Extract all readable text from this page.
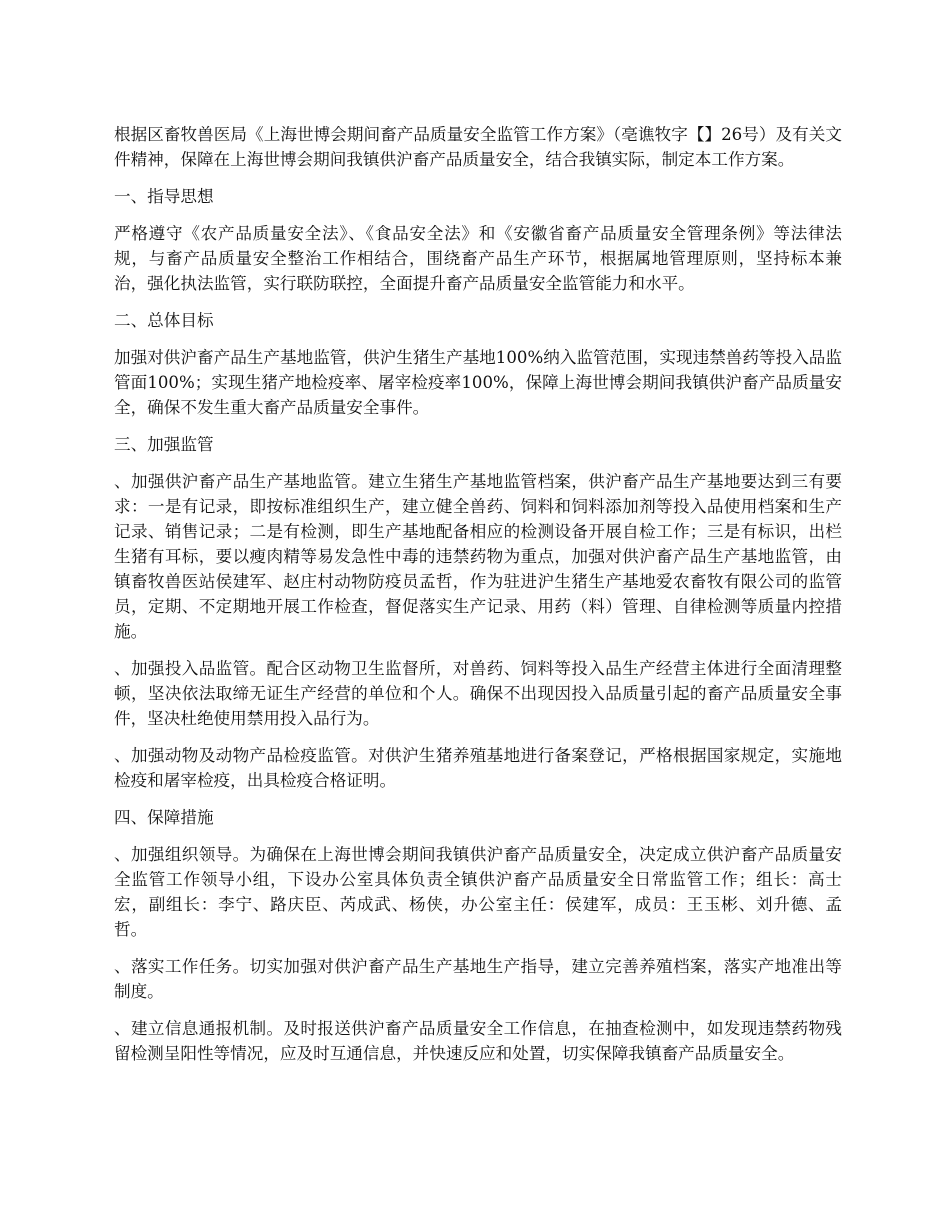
根据区畜牧兽医局《上海世博会期间畜产品质量安全监管工作方案》（亳谯牧字【】26号）及有关文件精神，保障在上海世博会期间我镇供沪畜产品质量安全，结合我镇实际，制定本工作方案。

一、指导思想

严格遵守《农产品质量安全法》、《食品安全法》和《安徽省畜产品质量安全管理条例》等法律法规，与畜产品质量安全整治工作相结合，围绕畜产品生产环节，根据属地管理原则，坚持标本兼治，强化执法监管，实行联防联控，全面提升畜产品质量安全监管能力和水平。

二、总体目标

加强对供沪畜产品生产基地监管，供沪生猪生产基地100%纳入监管范围，实现违禁兽药等投入品监管面100%；实现生猪产地检疫率、屠宰检疫率100%，保障上海世博会期间我镇供沪畜产品质量安全，确保不发生重大畜产品质量安全事件。

三、加强监管

、加强供沪畜产品生产基地监管。建立生猪生产基地监管档案，供沪畜产品生产基地要达到三有要求：一是有记录，即按标准组织生产，建立健全兽药、饲料和饲料添加剂等投入品使用档案和生产记录、销售记录；二是有检测，即生产基地配备相应的检测设备开展自检工作；三是有标识，出栏生猪有耳标，要以瘦肉精等易发急性中毒的违禁药物为重点，加强对供沪畜产品生产基地监管，由镇畜牧兽医站侯建军、赵庄村动物防疫员孟哲，作为驻进沪生猪生产基地爱农畜牧有限公司的监管员，定期、不定期地开展工作检查，督促落实生产记录、用药（料）管理、自律检测等质量内控措施。

、加强投入品监管。配合区动物卫生监督所，对兽药、饲料等投入品生产经营主体进行全面清理整顿，坚决依法取缔无证生产经营的单位和个人。确保不出现因投入品质量引起的畜产品质量安全事件，坚决杜绝使用禁用投入品行为。

、加强动物及动物产品检疫监管。对供沪生猪养殖基地进行备案登记，严格根据国家规定，实施地检疫和屠宰检疫，出具检疫合格证明。

四、保障措施

、加强组织领导。为确保在上海世博会期间我镇供沪畜产品质量安全，决定成立供沪畜产品质量安全监管工作领导小组，下设办公室具体负责全镇供沪畜产品质量安全日常监管工作；组长：高士宏，副组长：李宁、路庆臣、芮成武、杨侠，办公室主任：侯建军，成员：王玉彬、刘升德、孟哲。

、落实工作任务。切实加强对供沪畜产品生产基地生产指导，建立完善养殖档案，落实产地准出等制度。

、建立信息通报机制。及时报送供沪畜产品质量安全工作信息，在抽查检测中，如发现违禁药物残留检测呈阳性等情况，应及时互通信息，并快速反应和处置，切实保障我镇畜产品质量安全。
